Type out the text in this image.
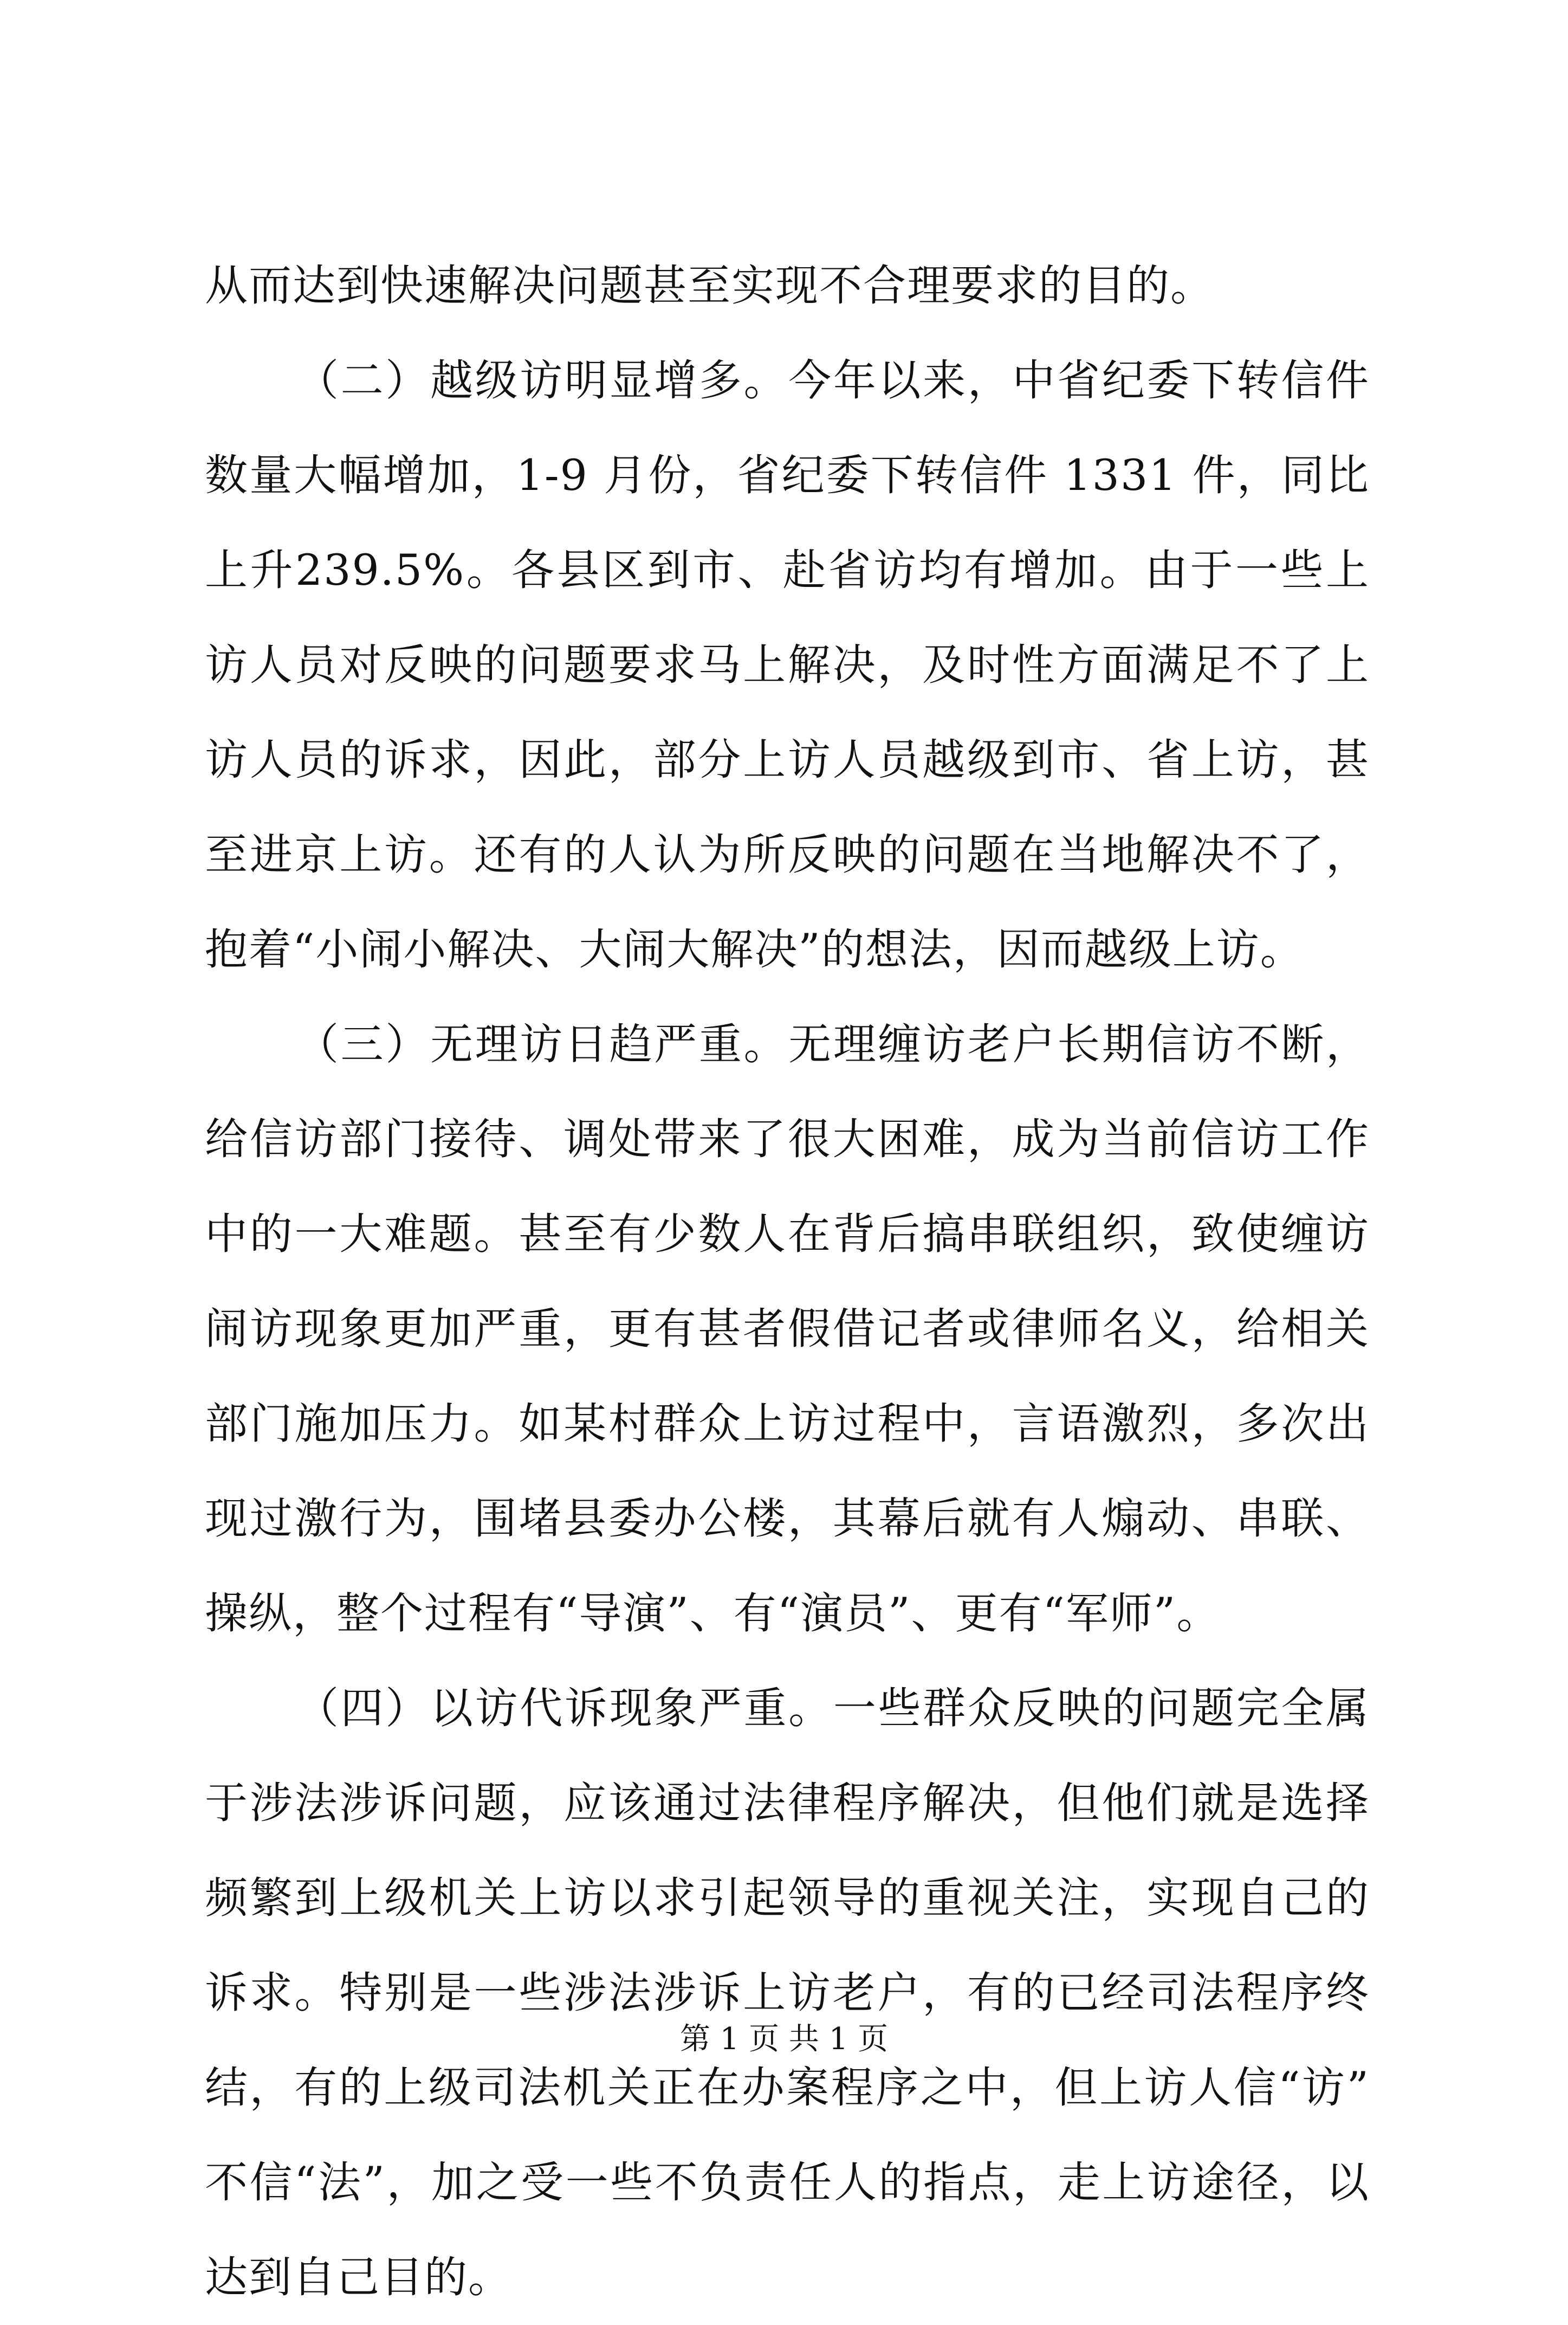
从而达到快速解决问题甚至实现不合理要求的目的。

（二）越级访明显增多。今年以来，中省纪委下转信件数量大幅增加，1-9 月份，省纪委下转信件 1331 件，同比上升239.5%。各县区到市、赴省访均有增加。由于一些上访人员对反映的问题要求马上解决，及时性方面满足不了上访人员的诉求，因此，部分上访人员越级到市、省上访，甚至进京上访。还有的人认为所反映的问题在当地解决不了，抱着“小闹小解决、大闹大解决”的想法，因而越级上访。

（三）无理访日趋严重。无理缠访老户长期信访不断，给信访部门接待、调处带来了很大困难，成为当前信访工作中的一大难题。甚至有少数人在背后搞串联组织，致使缠访闹访现象更加严重，更有甚者假借记者或律师名义，给相关部门施加压力。如某村群众上访过程中，言语激烈，多次出现过激行为，围堵县委办公楼，其幕后就有人煽动、串联、操纵，整个过程有“导演”、有“演员”、更有“军师”。

（四）以访代诉现象严重。一些群众反映的问题完全属于涉法涉诉问题，应该通过法律程序解决，但他们就是选择频繁到上级机关上访以求引起领导的重视关注，实现自己的诉求。特别是一些涉法涉诉上访老户，有的已经司法程序终结，有的上级司法机关正在办案程序之中，但上访人信“访”不信“法”，加之受一些不负责任人的指点，走上访途径，以达到自己目的。

第 1 页 共 1 页
